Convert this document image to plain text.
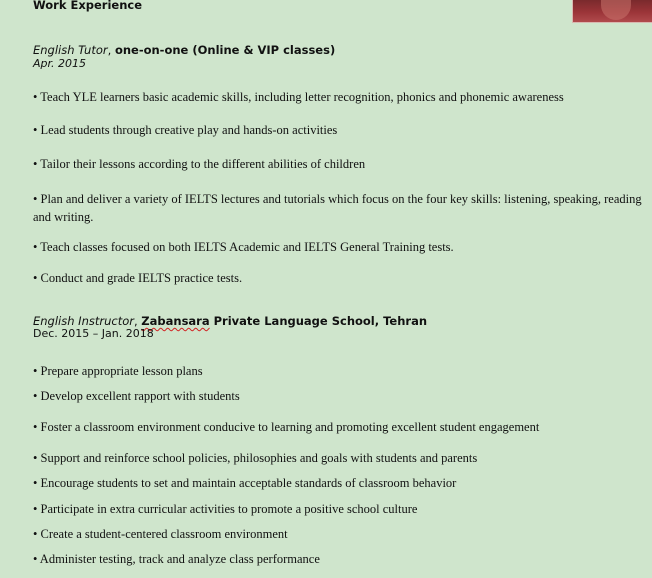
Work Experience
English Tutor, one-on-one (Online & VIP classes)
Apr. 2015
• Teach YLE learners basic academic skills, including letter recognition, phonics and phonemic awareness
• Lead students through creative play and hands-on activities
• Tailor their lessons according to the different abilities of children
• Plan and deliver a variety of IELTS lectures and tutorials which focus on the four key skills: listening, speaking, reading and writing.
• Teach classes focused on both IELTS Academic and IELTS General Training tests.
• Conduct and grade IELTS practice tests.
English Instructor, Zabansara Private Language School, Tehran
Dec. 2015 – Jan. 2018
• Prepare appropriate lesson plans
• Develop excellent rapport with students
• Foster a classroom environment conducive to learning and promoting excellent student engagement
• Support and reinforce school policies, philosophies and goals with students and parents
• Encourage students to set and maintain acceptable standards of classroom behavior
• Participate in extra curricular activities to promote a positive school culture
• Create a student-centered classroom environment
• Administer testing, track and analyze class performance
